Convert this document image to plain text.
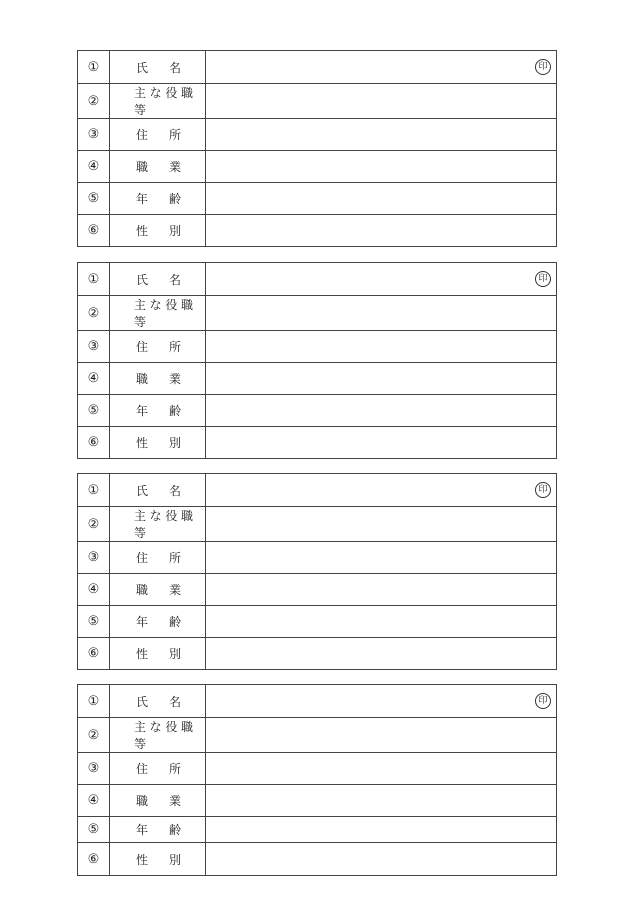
①	氏　名	印

②	主な役職等	

③	住　所	

④	職　業	

⑤	年　齢	

⑥	性　別	

①	氏　名	印

②	主な役職等	

③	住　所	

④	職　業	

⑤	年　齢	

⑥	性　別	

①	氏　名	印

②	主な役職等	

③	住　所	

④	職　業	

⑤	年　齢	

⑥	性　別	

①	氏　名	印

②	主な役職等	

③	住　所	

④	職　業	

⑤	年　齢	

⑥	性　別	
